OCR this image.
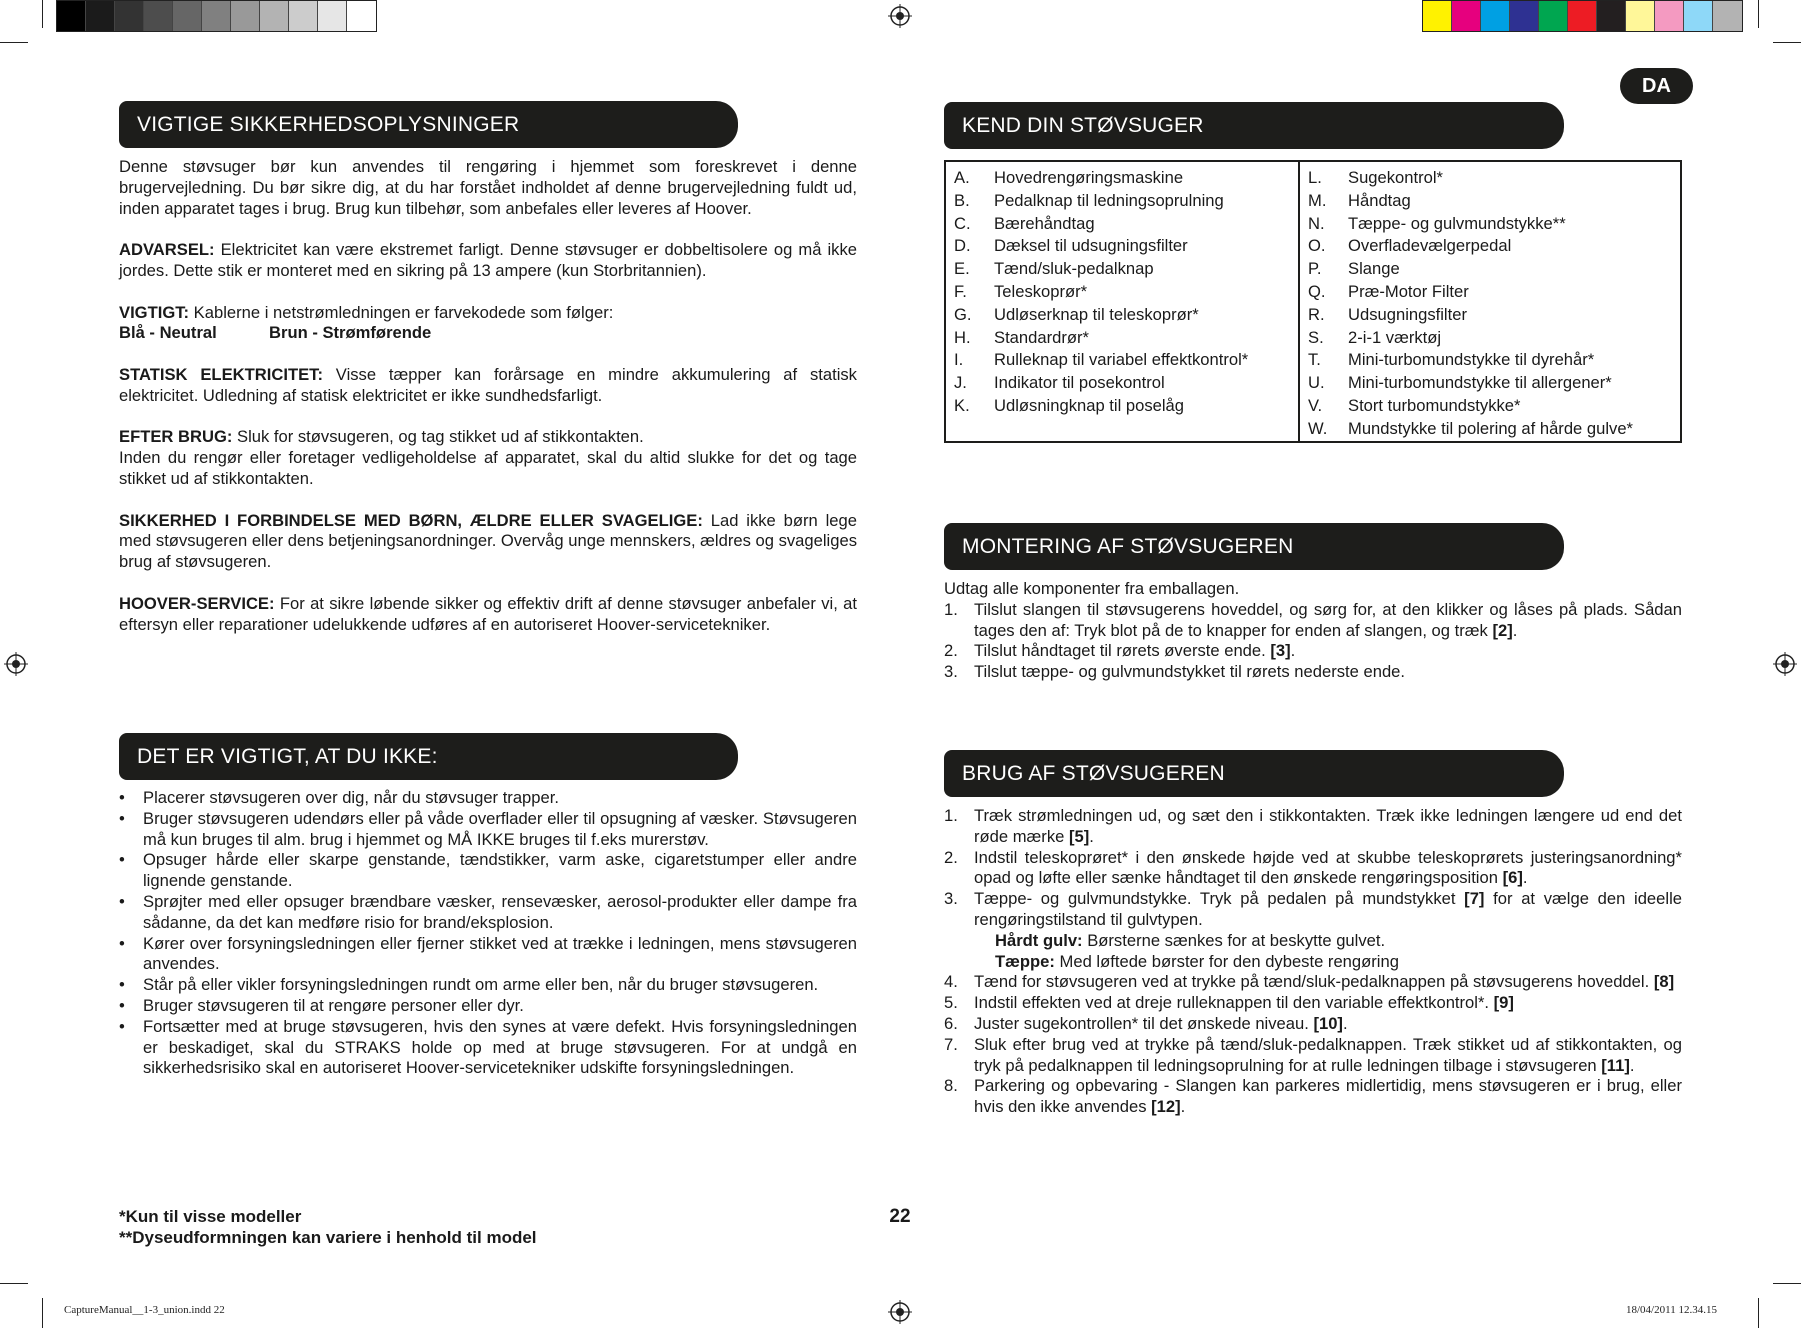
DA
VIGTIGE SIKKERHEDSOPLYSNINGER

Denne støvsuger bør kun anvendes til rengøring i hjemmet som foreskrevet i denne brugervejledning. Du bør sikre dig, at du har forstået indholdet af denne brugervejledning fuldt ud, inden apparatet tages i brug. Brug kun tilbehør, som anbefales eller leveres af Hoover.

ADVARSEL: Elektricitet kan være ekstremet farligt. Denne støvsuger er dobbeltisolere og må ikke jordes. Dette stik er monteret med en sikring på 13 ampere (kun Storbritannien).

VIGTIGT: Kablerne i netstrømledningen er farvekodede som følger:
Blå - Neutral	Brun - Strømførende

STATISK ELEKTRICITET: Visse tæpper kan forårsage en mindre akkumulering af statisk elektricitet. Udledning af statisk elektricitet er ikke sundhedsfarligt.

EFTER BRUG: Sluk for støvsugeren, og tag stikket ud af stikkontakten.
Inden du rengør eller foretager vedligeholdelse af apparatet, skal du altid slukke for det og tage stikket ud af stikkontakten.

SIKKERHED I FORBINDELSE MED BØRN, ÆLDRE ELLER SVAGELIGE: Lad ikke børn lege med støvsugeren eller dens betjeningsanordninger. Overvåg unge mennskers, ældres og svageliges brug af støvsugeren.

HOOVER-SERVICE: For at sikre løbende sikker og effektiv drift af denne støvsuger anbefaler vi, at eftersyn eller reparationer udelukkende udføres af en autoriseret Hoover-servicetekniker.

DET ER VIGTIGT, AT DU IKKE:
• Placerer støvsugeren over dig, når du støvsuger trapper.
• Bruger støvsugeren udendørs eller på våde overflader eller til opsugning af væsker. Støvsugeren må kun bruges til alm. brug i hjemmet og MÅ IKKE bruges til f.eks murerstøv.
• Opsuger hårde eller skarpe genstande, tændstikker, varm aske, cigaretstumper eller andre lignende genstande.
• Sprøjter med eller opsuger brændbare væsker, rensevæsker, aerosol-produkter eller dampe fra sådanne, da det kan medføre risio for brand/eksplosion.
• Kører over forsyningsledningen eller fjerner stikket ved at trække i ledningen, mens støvsugeren anvendes.
• Står på eller vikler forsyningsledningen rundt om arme eller ben, når du bruger støvsugeren.
• Bruger støvsugeren til at rengøre personer eller dyr.
• Fortsætter med at bruge støvsugeren, hvis den synes at være defekt. Hvis forsyningsledningen er beskadiget, skal du STRAKS holde op med at bruge støvsugeren. For at undgå en sikkerhedsrisiko skal en autoriseret Hoover-servicetekniker udskifte forsyningsledningen.
*Kun til visse modeller
**Dyseudformningen kan variere i henhold til model
22
KEND DIN STØVSUGER
A.	Hovedrengøringsmaskine
B.	Pedalknap til ledningsoprulning
C.	Bærehåndtag
D.	Dæksel til udsugningsfilter
E.	Tænd/sluk-pedalknap
F.	Teleskoprør*
G.	Udløserknap til teleskoprør*
H.	Standardrør*
I.	Rulleknap til variabel effektkontrol*
J.	Indikator til posekontrol
K.	Udløsningknap til poselåg
L.	Sugekontrol*
M.	Håndtag
N.	Tæppe- og gulvmundstykke**
O.	Overfladevælgerpedal
P.	Slange
Q.	Præ-Motor Filter
R.	Udsugningsfilter
S.	2-i-1 værktøj
T.	Mini-turbomundstykke til dyrehår*
U.	Mini-turbomundstykke til allergener*
V.	Stort turbomundstykke*
W.	Mundstykke til polering af hårde gulve*
MONTERING AF STØVSUGEREN
Udtag alle komponenter fra emballagen.
1. Tilslut slangen til støvsugerens hoveddel, og sørg for, at den klikker og låses på plads. Sådan tages den af: Tryk blot på de to knapper for enden af slangen, og træk [2].
2. Tilslut håndtaget til rørets øverste ende. [3].
3. Tilslut tæppe- og gulvmundstykket til rørets nederste ende.
BRUG AF STØVSUGEREN
1. Træk strømledningen ud, og sæt den i stikkontakten. Træk ikke ledningen længere ud end det røde mærke [5].
2. Indstil teleskoprøret* i den ønskede højde ved at skubbe teleskoprørets justeringsanordning* opad og løfte eller sænke håndtaget til den ønskede rengøringsposition [6].
3. Tæppe- og gulvmundstykke. Tryk på pedalen på mundstykket [7] for at vælge den ideelle rengøringstilstand til gulvtypen.
Hårdt gulv: Børsterne sænkes for at beskytte gulvet.
Tæppe: Med løftede børster for den dybeste rengøring
4. Tænd for støvsugeren ved at trykke på tænd/sluk-pedalknappen på støvsugerens hoveddel. [8]
5. Indstil effekten ved at dreje rulleknappen til den variable effektkontrol*. [9]
6. Juster sugekontrollen* til det ønskede niveau. [10].
7. Sluk efter brug ved at trykke på tænd/sluk-pedalknappen. Træk stikket ud af stikkontakten, og tryk på pedalknappen til ledningsoprulning for at rulle ledningen tilbage i støvsugeren [11].
8. Parkering og opbevaring - Slangen kan parkeres midlertidig, mens støvsugeren er i brug, eller hvis den ikke anvendes [12].
CaptureManual__1-3_union.indd 22	18/04/2011 12.34.15
